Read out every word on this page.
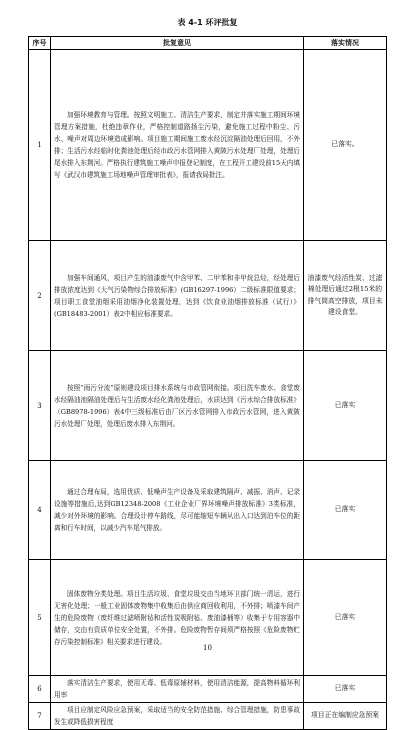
表 4-1 环评批复
序号	批复意见	落实情况
1	加强环境教育与管理。按照文明施工、清洁生产要求，制定并落实施工期间环境管理方案措施，杜绝违章作业，严格控制道路扬尘污染，避免施工过程中粉尘、污水、噪声对周边环境造成影响。项目施工期间施工废水经沉淀隔油处理后回用，不外排；生活污水经临时化粪池处理后经市政污水管网排入黄陂污水处理厂处理，处理后尾水排入东荆河。严格执行建筑施工噪声申报登记制度，在工程开工建设前15天内填写《武汉市建筑施工场地噪声管理审批表》，报请我局批注。	已落实。
2	加强车间通风，项目产生的油漆废气中含甲苯、二甲苯和非甲烷总烃，经处理后排放浓度达到《大气污染物综合排放标准》(GB16297-1996）二级标准限值要求；项目职工食堂油烟采用油烟净化装置处理，达到《饮食业油烟排放标准（试行）》(GB18483-2001）表2中相应标准要求。	油漆废气经活性炭、过滤棉处理后通过2根15米的排气筒高空排放，项目未建设食堂。
3	按照“雨污分流”原则建设项目排水系统与市政管网衔接。项目洗车废水、食堂废水经隔油池隔油处理后与生活废水经化粪池处理后，水质达到《污水综合排放标准》（GB8978-1996）表4中三级标准后由厂区污水管网排入市政污水管网，进入黄陂污水处理厂处理，处理后废水排入东荆河。	已落实
4	通过合理布局，选用优质、低噪声生产设备及采取建筑隔声、减振、消声、记录设施等措施后,达到GB12348-2008《工业企业厂界环境噪声排放标准》3类标准，减少对外环境的影响。合理设计停车路线，尽可能缩短车辆从出入口达到泊车位的距离和行车时间，以减少汽车尾气排放。	已落实
5	固体废物分类处理。项目生活垃圾、食堂垃圾交由当地环卫部门统一清运，进行无害化处理；一般工业固体废物集中收集后由供应商回收利用，不外排；喷漆车间产生的危险废物（废纤维过滤喷附毡和活性炭吸附毡、废油漆桶等）收集于专用容器中储存，交由有资质单位安全处置，不外排。危险废物暂存间须严格按照《危险废物贮存污染控制标准》相关要求进行建设。	已落实
6	落实清洁生产要求，使用无毒、低毒原辅材料，使用清洁能源，提高物料循环利用率	已落实
7	项目应制定风险应急预案，采取适当的安全防范措施、综合管理措施，防患事故发生或降低损害程度	项目正在编制应急预案
10
